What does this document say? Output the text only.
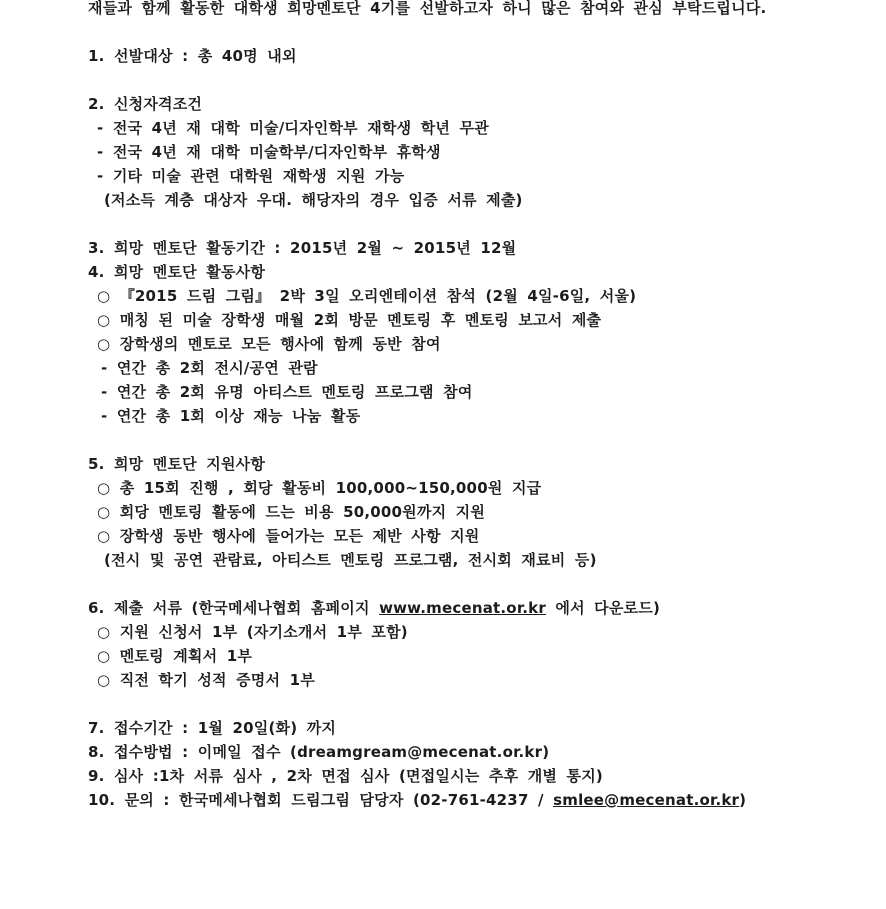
재들과 함께 활동한 대학생 희망멘토단 4기를 선발하고자 하니 많은 참여와 관심 부탁드립니다.
1. 선발대상 : 총 40명 내외
2. 신청자격조건
- 전국 4년 재 대학 미술/디자인학부 재학생 학년 무관
- 전국 4년 재 대학 미술학부/디자인학부 휴학생
- 기타 미술 관련 대학원 재학생 지원 가능
(저소득 계층 대상자 우대. 해당자의 경우 입증 서류 제출)
3. 희망 멘토단 활동기간 : 2015년 2월 ~ 2015년 12월
4. 희망 멘토단 활동사항
○ 『2015 드림 그림』 2박 3일 오리엔테이션 참석 (2월 4일-6일, 서울)
○ 매칭 된 미술 장학생 매월 2회 방문 멘토링 후 멘토링 보고서 제출
○ 장학생의 멘토로 모든 행사에 함께 동반 참여
- 연간 총 2회 전시/공연 관람
- 연간 총 2회 유명 아티스트 멘토링 프로그램 참여
- 연간 총 1회 이상 재능 나눔 활동
5. 희망 멘토단 지원사항
○ 총 15회 진행 , 회당 활동비 100,000~150,000원 지급
○ 회당 멘토링 활동에 드는 비용 50,000원까지 지원
○ 장학생 동반 행사에 들어가는 모든 제반 사항 지원
(전시 및 공연 관람료, 아티스트 멘토링 프로그램, 전시회 재료비 등)
6. 제출 서류 (한국메세나협회 홈페이지 www.mecenat.or.kr 에서 다운로드)
○ 지원 신청서 1부 (자기소개서 1부 포함)
○ 멘토링 계획서 1부
○ 직전 학기 성적 증명서 1부
7. 접수기간 : 1월 20일(화) 까지
8. 접수방법 : 이메일 접수 (dreamgream@mecenat.or.kr)
9. 심사 :1차 서류 심사 , 2차 면접 심사 (면접일시는 추후 개별 통지)
10. 문의 : 한국메세나협회 드림그림 담당자 (02-761-4237 / smlee@mecenat.or.kr)
